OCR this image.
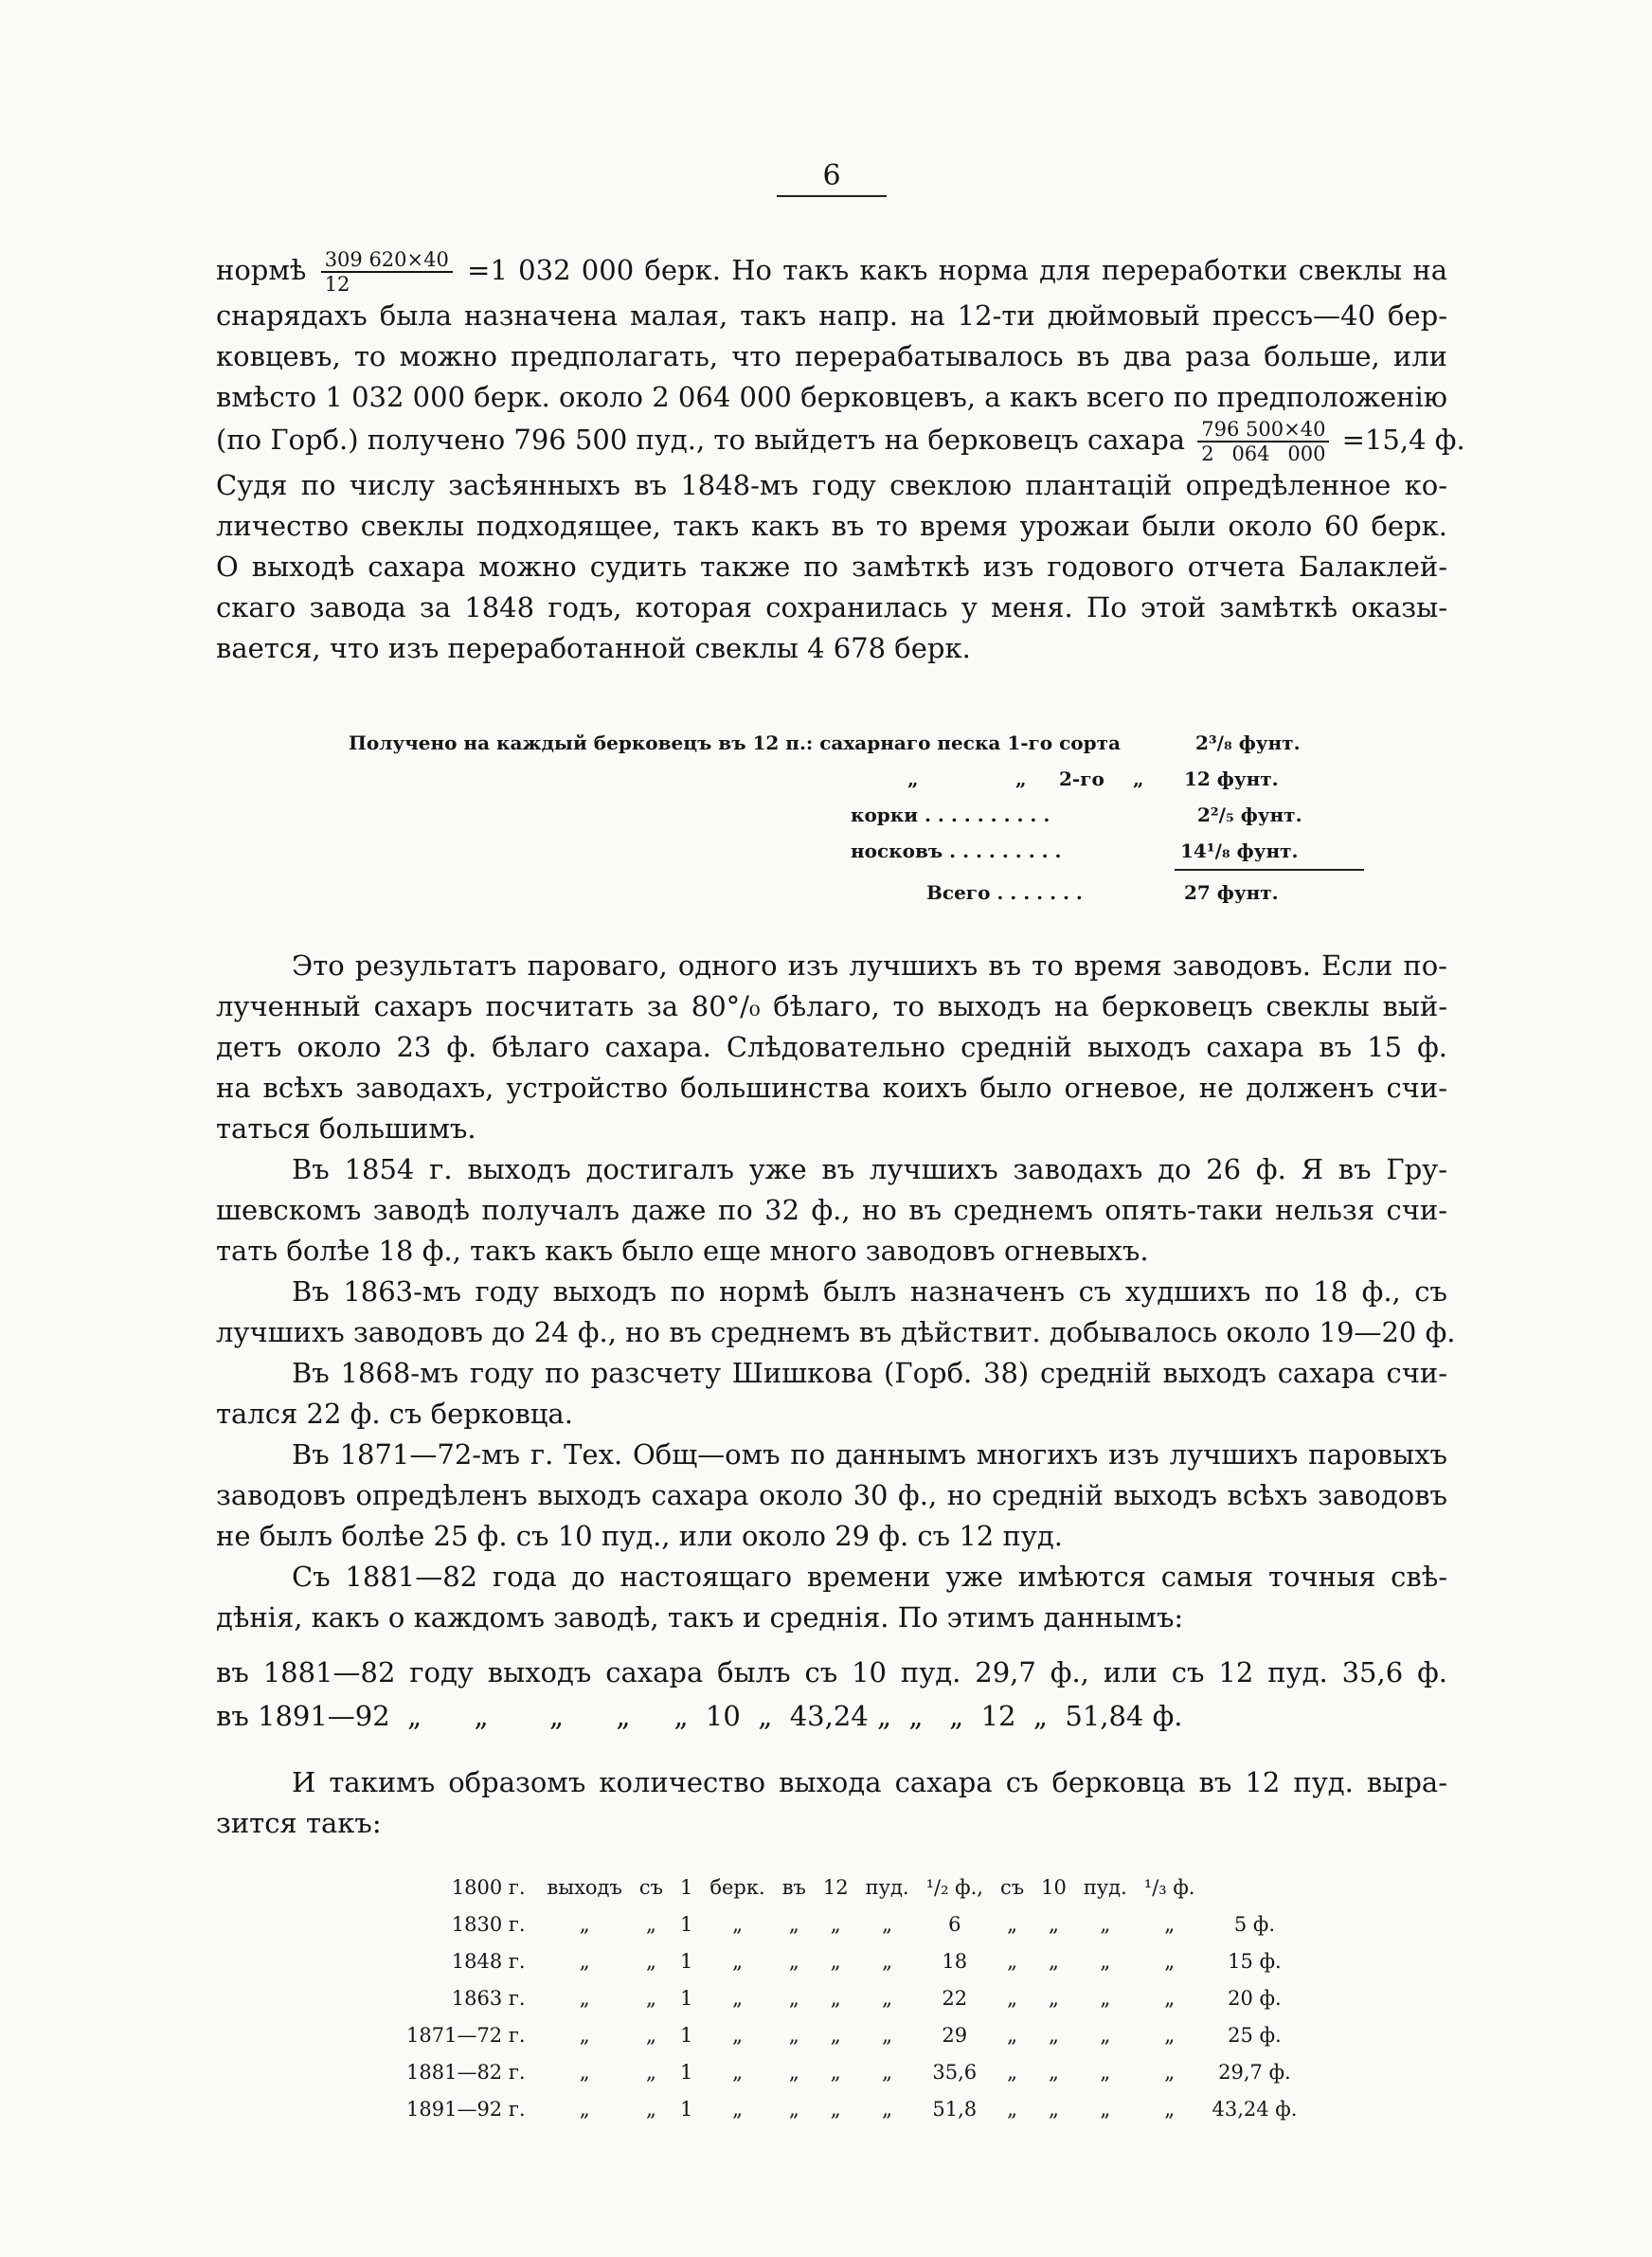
6
нормѣ $\frac{309 620\times 40}{12} =1$ 032 000 берк. Но такъ какъ норма для переработки свеклы на
снарядахъ была назначена малая, такъ напр. на 12-ти дюймовый прессъ—40 бер-
ковцевъ, то можно предполагать, что перерабатывалось въ два раза больше, или
вмѣсто 1 032 000 берк. около 2 064 000 берковцевъ, а какъ всего по предположенію
(по Горб.) получено 796 500 пуд., то выйдетъ на берковецъ сахара $\frac{796 500\times 40}{2 064 000} =15,4$ ф.
Судя по числу засѣянныхъ въ 1848-мъ году свеклою плантацій опредѣленное ко-
личество свеклы подходящее, такъ какъ въ то время урожаи были около 60 берк.
О выходѣ сахара можно судить также по замѣткѣ изъ годового отчета Балаклей-
скаго завода за 1848 годъ, которая сохранилась у меня. По этой замѣткѣ оказы-
вается, что изъ переработанной свеклы 4 678 берк.
Получено на каждый берковецъ въ 12 п.: сахарнаго песка 1-го сорта	2³/₈ фунт.
„	„ 2-го „ 12 фунт.
корки . . . . . . . . . .	2²/₅ фунт.
носковъ . . . . . . . . .	14¹/₈ фунт.
Всего . . . . . . .	27 фунт.
Это результатъ пароваго, одного изъ лучшихъ въ то время заводовъ. Если по-
лученный сахаръ посчитать за 80°/₀ бѣлаго, то выходъ на берковецъ свеклы вый-
детъ около 23 ф. бѣлаго сахара. Слѣдовательно средній выходъ сахара въ 15 ф.
на всѣхъ заводахъ, устройство большинства коихъ было огневое, не долженъ счи-
таться большимъ.
Въ 1854 г. выходъ достигалъ уже въ лучшихъ заводахъ до 26 ф. Я въ Гру-
шевскомъ заводѣ получалъ даже по 32 ф., но въ среднемъ опять-таки нельзя счи-
тать болѣе 18 ф., такъ какъ было еще много заводовъ огневыхъ.
Въ 1863-мъ году выходъ по нормѣ былъ назначенъ съ худшихъ по 18 ф., съ
лучшихъ заводовъ до 24 ф., но въ среднемъ въ дѣйствит. добывалось около 19—20 ф.
Въ 1868-мъ году по разсчету Шишкова (Горб. 38) средній выходъ сахара счи-
тался 22 ф. съ берковца.
Въ 1871—72-мъ г. Тех. Общ—омъ по даннымъ многихъ изъ лучшихъ паровыхъ
заводовъ опредѣленъ выходъ сахара около 30 ф., но средній выходъ всѣхъ заводовъ
не былъ болѣе 25 ф. съ 10 пуд., или около 29 ф. съ 12 пуд.
Съ 1881—82 года до настоящаго времени уже имѣются самыя точныя свѣ-
дѣнія, какъ о каждомъ заводѣ, такъ и среднія. По этимъ даннымъ:
въ 1881—82 году выходъ сахара былъ съ 10 пуд. 29,7 ф., или съ 12 пуд. 35,6 ф.
въ 1891—92  „      „       „      „     „  10  „  43,24 „  „   „  12  „  51,84 ф.
И такимъ образомъ количество выхода сахара съ берковца въ 12 пуд. выра-
зится такъ:
1800 г.	выходъ	съ	1	берк.	въ	12	пуд.	¹/₂ ф.,	съ	10	пуд.	¹/₃ ф.	
1830 г.	„	„	1	„	„	„	„	6	„	„	„	„	5 ф.
1848 г.	„	„	1	„	„	„	„	18	„	„	„	„	15 ф.
1863 г.	„	„	1	„	„	„	„	22	„	„	„	„	20 ф.
1871—72 г.	„	„	1	„	„	„	„	29	„	„	„	„	25 ф.
1881—82 г.	„	„	1	„	„	„	„	35,6	„	„	„	„	29,7 ф.
1891—92 г.	„	„	1	„	„	„	„	51,8	„	„	„	„	43,24 ф.
